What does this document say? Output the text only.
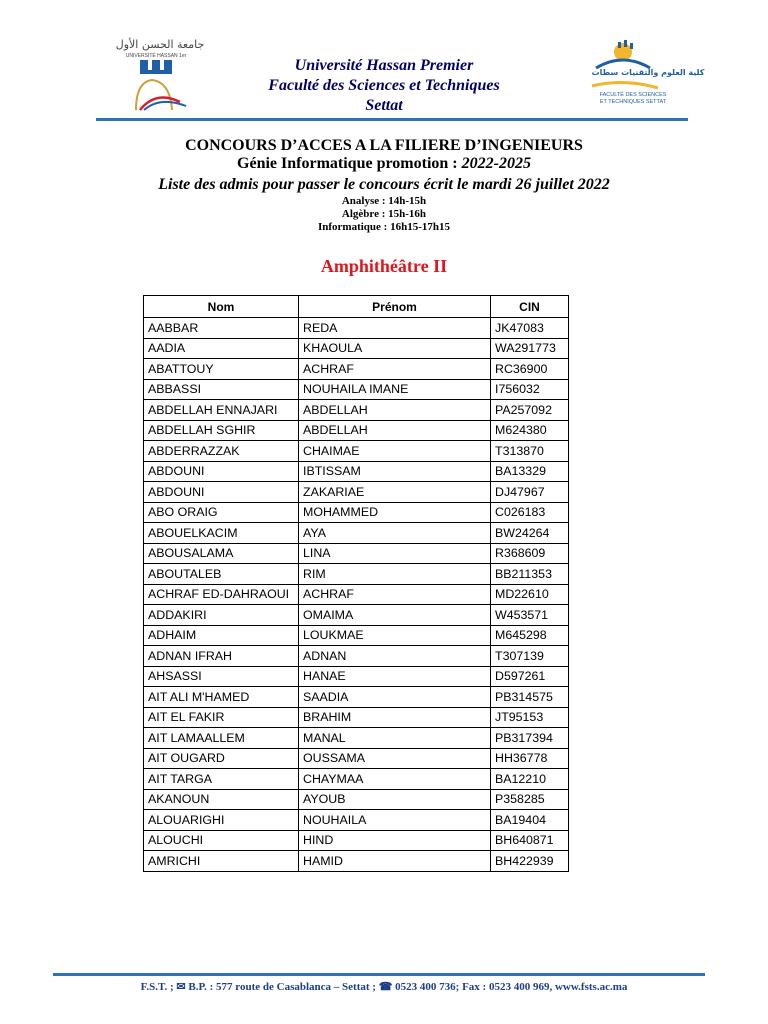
جامعة الحسن الأول
UNIVERSITÉ HASSAN 1er
كلية العلوم والتقنيات سطات
FACULTÉ DES SCIENCES
ET TECHNIQUES SETTAT
Université Hassan Premier
Faculté des Sciences et Techniques
Settat
CONCOURS D’ACCES A LA FILIERE D’INGENIEURS
Génie Informatique promotion : 2022-2025
Liste des admis pour passer le concours écrit le mardi 26 juillet 2022
Analyse : 14h-15h
Algèbre : 15h-16h
Informatique : 16h15-17h15
Amphithéâtre II
Nom	Prénom	CIN
AABBAR	REDA	JK47083
AADIA	KHAOULA	WA291773
ABATTOUY	ACHRAF	RC36900
ABBASSI	NOUHAILA IMANE	I756032
ABDELLAH ENNAJARI	ABDELLAH	PA257092
ABDELLAH SGHIR	ABDELLAH	M624380
ABDERRAZZAK	CHAIMAE	T313870
ABDOUNI	IBTISSAM	BA13329
ABDOUNI	ZAKARIAE	DJ47967
ABO ORAIG	MOHAMMED	C026183
ABOUELKACIM	AYA	BW24264
ABOUSALAMA	LINA	R368609
ABOUTALEB	RIM	BB211353
ACHRAF ED-DAHRAOUI	ACHRAF	MD22610
ADDAKIRI	OMAIMA	W453571
ADHAIM	LOUKMAE	M645298
ADNAN IFRAH	ADNAN	T307139
AHSASSI	HANAE	D597261
AIT ALI M'HAMED	SAADIA	PB314575
AIT EL FAKIR	BRAHIM	JT95153
AIT LAMAALLEM	MANAL	PB317394
AIT OUGARD	OUSSAMA	HH36778
AIT TARGA	CHAYMAA	BA12210
AKANOUN	AYOUB	P358285
ALOUARIGHI	NOUHAILA	BA19404
ALOUCHI	HIND	BH640871
AMRICHI	HAMID	BH422939
F.S.T. ; ✉ B.P. : 577 route de Casablanca – Settat ; ☎ 0523 400 736; Fax : 0523 400 969, www.fsts.ac.ma
